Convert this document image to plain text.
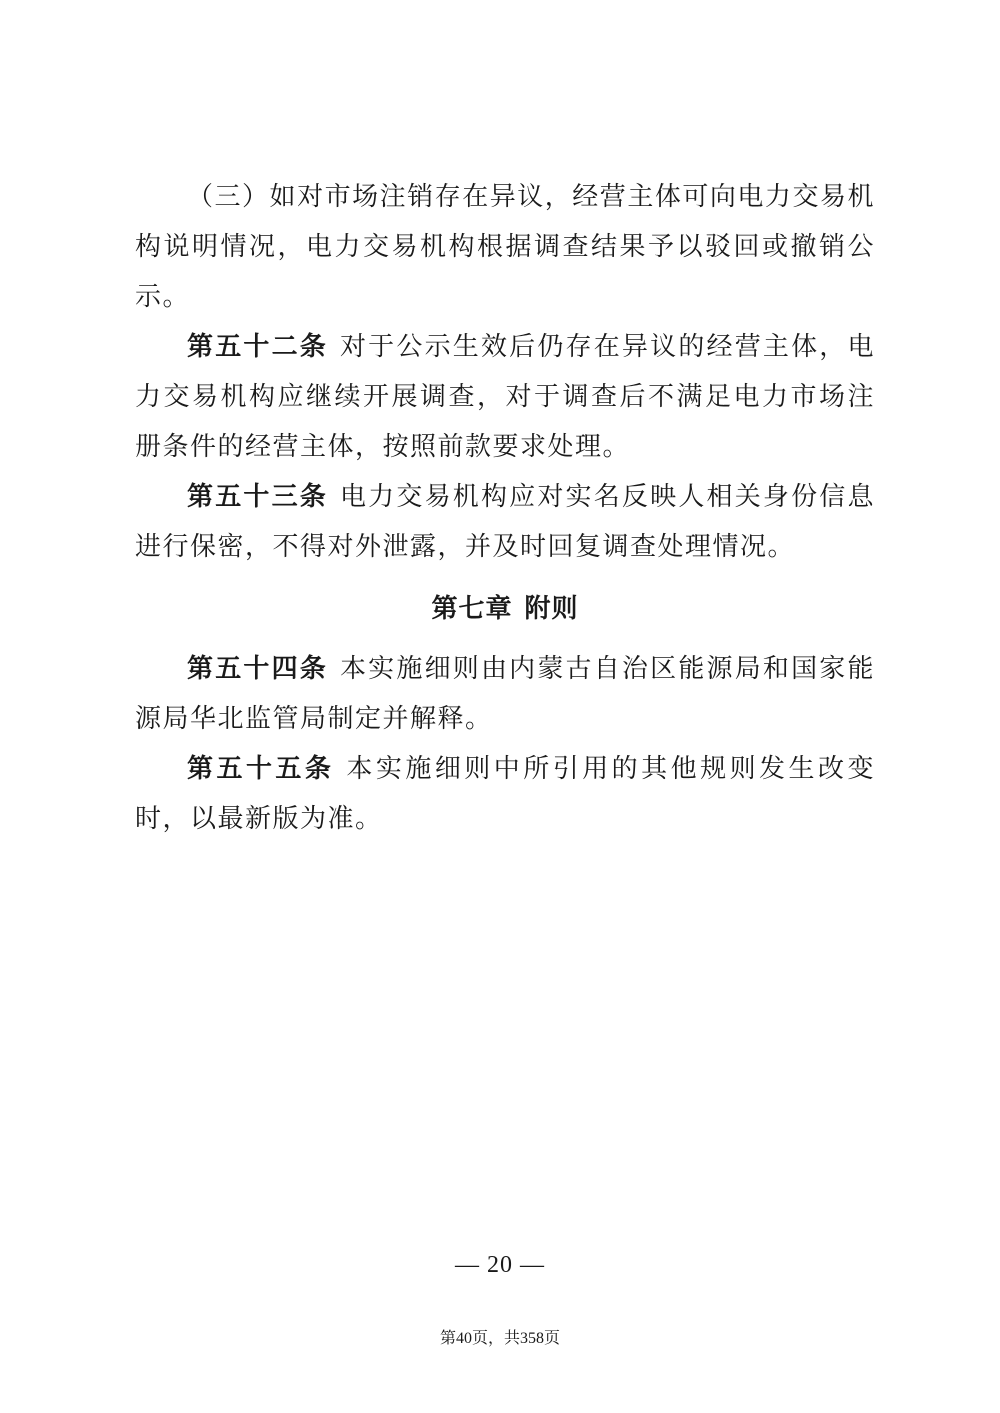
（三）如对市场注销存在异议，经营主体可向电力交易机构说明情况，电力交易机构根据调查结果予以驳回或撤销公示。

第五十二条 对于公示生效后仍存在异议的经营主体，电力交易机构应继续开展调查，对于调查后不满足电力市场注册条件的经营主体，按照前款要求处理。

第五十三条 电力交易机构应对实名反映人相关身份信息进行保密，不得对外泄露，并及时回复调查处理情况。

第七章 附则

第五十四条 本实施细则由内蒙古自治区能源局和国家能源局华北监管局制定并解释。

第五十五条 本实施细则中所引用的其他规则发生改变时，以最新版为准。

— 20 —
第40页，共358页
